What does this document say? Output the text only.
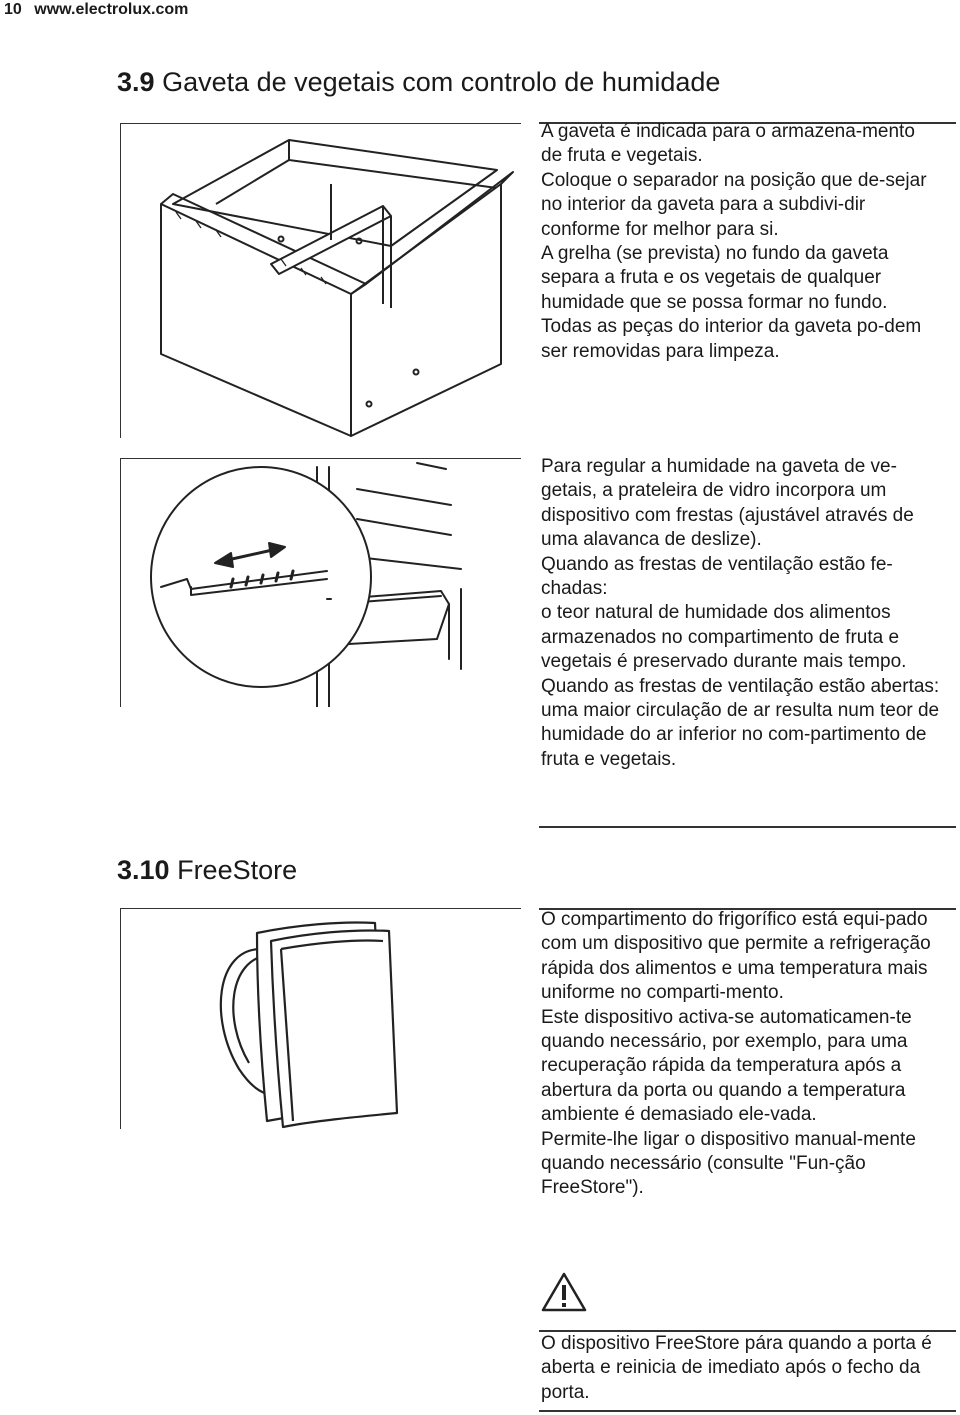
10 www.electrolux.com
3.9 Gaveta de vegetais com controlo de humidade

A gaveta é indicada para o armazena-mento de fruta e vegetais.

Coloque o separador na posição que de-sejar no interior da gaveta para a subdivi-dir conforme for melhor para si.

A grelha (se prevista) no fundo da gaveta separa a fruta e os vegetais de qualquer humidade que se possa formar no fundo.

Todas as peças do interior da gaveta po-dem ser removidas para limpeza.

Para regular a humidade na gaveta de ve-getais, a prateleira de vidro incorpora um dispositivo com frestas (ajustável através de uma alavanca de deslize).

Quando as frestas de ventilação estão fe-chadas:

o teor natural de humidade dos alimentos armazenados no compartimento de fruta e vegetais é preservado durante mais tempo.

Quando as frestas de ventilação estão abertas:

uma maior circulação de ar resulta num teor de humidade do ar inferior no com-partimento de fruta e vegetais.

3.10 FreeStore

O compartimento do frigorífico está equi-pado com um dispositivo que permite a refrigeração rápida dos alimentos e uma temperatura mais uniforme no comparti-mento.

Este dispositivo activa-se automaticamen-te quando necessário, por exemplo, para uma recuperação rápida da temperatura após a abertura da porta ou quando a temperatura ambiente é demasiado ele-vada.

Permite-lhe ligar o dispositivo manual-mente quando necessário (consulte "Fun-ção FreeStore").

O dispositivo FreeStore pára quando a porta é aberta e reinicia de imediato após o fecho da porta.
